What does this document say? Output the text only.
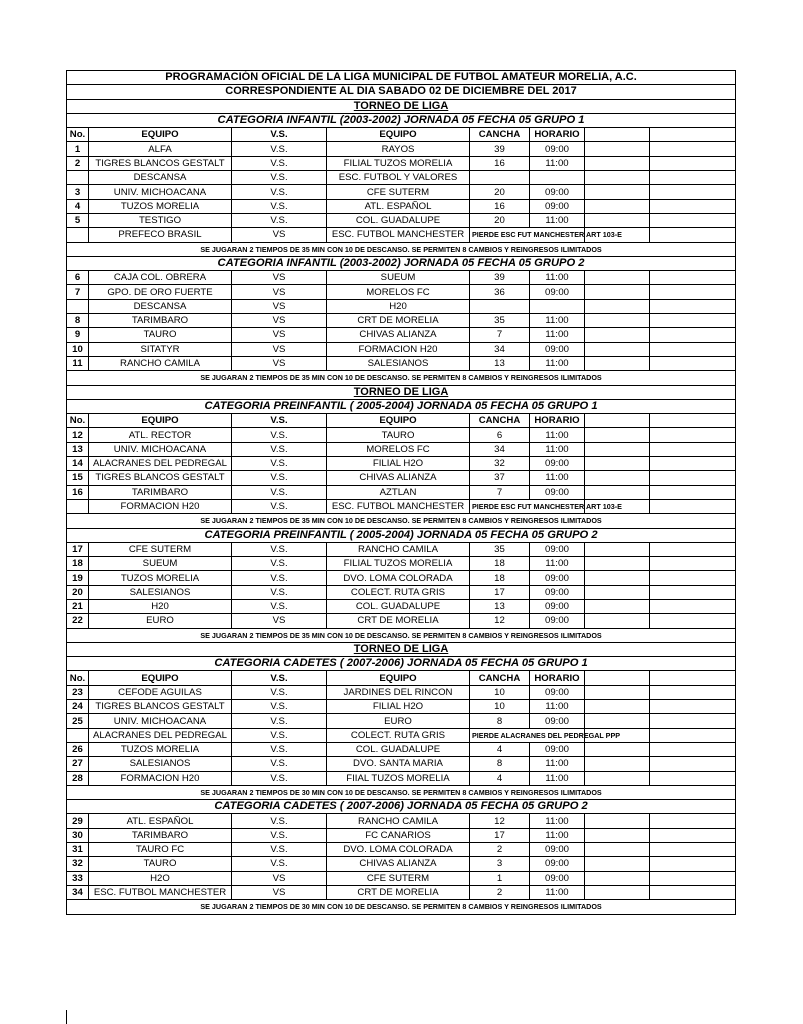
PROGRAMACIÓN OFICIAL DE LA LIGA MUNICIPAL DE FUTBOL AMATEUR MORELIA, A.C.							
CORRESPONDIENTE AL DIA SABADO 02 DE DICIEMBRE DEL 2017							
TORNEO DE LIGA							
CATEGORIA INFANTIL (2003-2002) JORNADA 05 FECHA 05 GRUPO 1							
No.	EQUIPO	V.S.	EQUIPO	CANCHA	HORARIO		
1	ALFA	V.S.	RAYOS	39	09:00		
2	TIGRES BLANCOS GESTALT	V.S.	FILIAL TUZOS MORELIA	16	11:00		
	DESCANSA	V.S.	ESC. FUTBOL Y VALORES				
3	UNIV. MICHOACANA	V.S.	CFE SUTERM	20	09:00		
4	TUZOS MORELIA	V.S.	ATL. ESPAÑOL	16	09:00		
5	TESTIGO	V.S.	COL. GUADALUPE	20	11:00		
	PREFECO BRASIL	VS	ESC. FUTBOL MANCHESTER	PIERDE ESC FUT MANCHESTER ART 103-E			
SE JUGARAN 2 TIEMPOS DE 35 MIN CON 10 DE DESCANSO. SE PERMITEN 8 CAMBIOS Y REINGRESOS ILIMITADOS							
CATEGORIA INFANTIL (2003-2002) JORNADA 05 FECHA 05 GRUPO 2							
6	CAJA COL. OBRERA	VS	SUEUM	39	11:00		
7	GPO. DE ORO FUERTE	VS	MORELOS FC	36	09:00		
	DESCANSA	VS	H20				
8	TARIMBARO	VS	CRT DE MORELIA	35	11:00		
9	TAURO	VS	CHIVAS ALIANZA	7	11:00		
10	SITATYR	VS	FORMACION H20	34	09:00		
11	RANCHO CAMILA	VS	SALESIANOS	13	11:00		
SE JUGARAN 2 TIEMPOS DE 35 MIN CON 10 DE DESCANSO. SE PERMITEN 8 CAMBIOS Y REINGRESOS ILIMITADOS							
TORNEO DE LIGA							
CATEGORIA PREINFANTIL ( 2005-2004) JORNADA 05 FECHA 05 GRUPO 1							
No.	EQUIPO	V.S.	EQUIPO	CANCHA	HORARIO		
12	ATL. RECTOR	V.S.	TAURO	6	11:00		
13	UNIV. MICHOACANA	V.S.	MORELOS FC	34	11:00		
14	ALACRANES DEL PEDREGAL	V.S.	FILIAL H2O	32	09:00		
15	TIGRES BLANCOS GESTALT	V.S.	CHIVAS ALIANZA	37	11:00		
16	TARIMBARO	V.S.	AZTLAN	7	09:00		
	FORMACION H20	V.S.	ESC. FUTBOL MANCHESTER	PIERDE ESC FUT MANCHESTER ART 103-E			
SE JUGARAN 2 TIEMPOS DE 35 MIN CON 10 DE DESCANSO. SE PERMITEN 8 CAMBIOS Y REINGRESOS ILIMITADOS							
CATEGORIA PREINFANTIL ( 2005-2004) JORNADA 05 FECHA 05 GRUPO 2							
17	CFE SUTERM	V.S.	RANCHO CAMILA	35	09:00		
18	SUEUM	V.S.	FILIAL TUZOS MORELIA	18	11:00		
19	TUZOS MORELIA	V.S.	DVO. LOMA COLORADA	18	09:00		
20	SALESIANOS	V.S.	COLECT. RUTA GRIS	17	09:00		
21	H20	V.S.	COL. GUADALUPE	13	09:00		
22	EURO	VS	CRT DE MORELIA	12	09:00		
SE JUGARAN 2 TIEMPOS DE 35 MIN CON 10 DE DESCANSO. SE PERMITEN 8 CAMBIOS Y REINGRESOS ILIMITADOS							
TORNEO DE LIGA							
CATEGORIA CADETES ( 2007-2006) JORNADA 05 FECHA 05 GRUPO 1							
No.	EQUIPO	V.S.	EQUIPO	CANCHA	HORARIO		
23	CEFODE AGUILAS	V.S.	JARDINES DEL RINCON	10	09:00		
24	TIGRES BLANCOS GESTALT	V.S.	FILIAL H2O	10	11:00		
25	UNIV. MICHOACANA	V.S.	EURO	8	09:00		
	ALACRANES DEL PEDREGAL	V.S.	COLECT. RUTA GRIS	PIERDE ALACRANES DEL PEDREGAL PPP			
26	TUZOS MORELIA	V.S.	COL. GUADALUPE	4	09:00		
27	SALESIANOS	V.S.	DVO. SANTA MARIA	8	11:00		
28	FORMACION H20	V.S.	FIIAL TUZOS MORELIA	4	11:00		
SE JUGARAN 2 TIEMPOS DE 30 MIN CON 10 DE DESCANSO. SE PERMITEN 8 CAMBIOS Y REINGRESOS ILIMITADOS							
CATEGORIA CADETES ( 2007-2006) JORNADA 05 FECHA 05 GRUPO 2							
29	ATL. ESPAÑOL	V.S.	RANCHO CAMILA	12	11:00		
30	TARIMBARO	V.S.	FC CANARIOS	17	11:00		
31	TAURO FC	V.S.	DVO. LOMA COLORADA	2	09:00		
32	TAURO	V.S.	CHIVAS ALIANZA	3	09:00		
33	H2O	VS	CFE SUTERM	1	09:00		
34	ESC. FUTBOL MANCHESTER	VS	CRT DE MORELIA	2	11:00		
SE JUGARAN 2 TIEMPOS DE 30 MIN CON 10 DE DESCANSO. SE PERMITEN 8 CAMBIOS Y REINGRESOS ILIMITADOS							
